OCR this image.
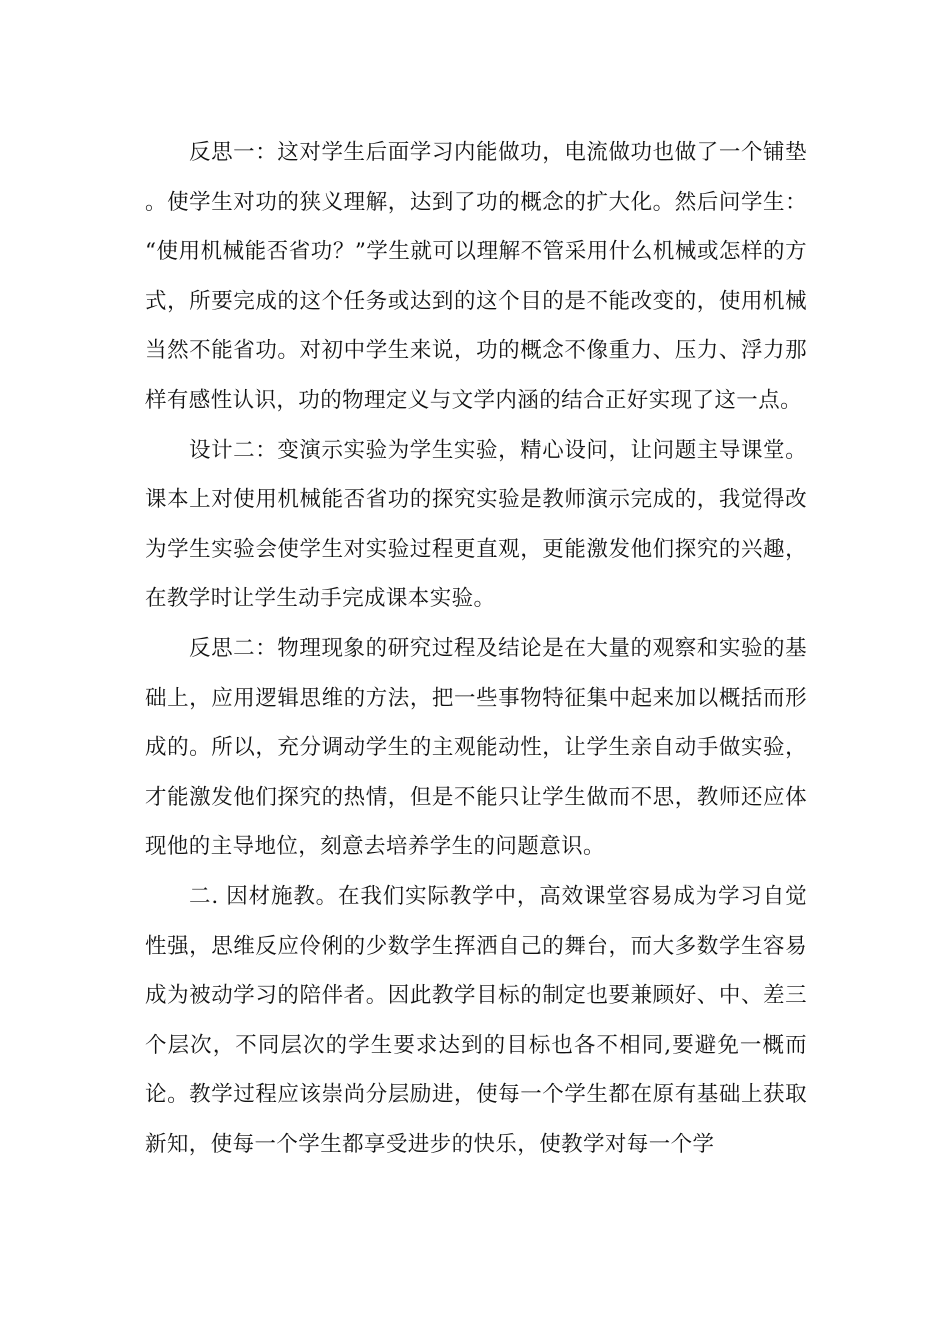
反思一：这对学生后面学习内能做功，电流做功也做了一个铺垫。使学生对功的狭义理解，达到了功的概念的扩大化。然后问学生：“使用机械能否省功？”学生就可以理解不管采用什么机械或怎样的方式，所要完成的这个任务或达到的这个目的是不能改变的，使用机械当然不能省功。对初中学生来说，功的概念不像重力、压力、浮力那样有感性认识，功的物理定义与文学内涵的结合正好实现了这一点。

设计二：变演示实验为学生实验，精心设问，让问题主导课堂。课本上对使用机械能否省功的探究实验是教师演示完成的，我觉得改为学生实验会使学生对实验过程更直观，更能激发他们探究的兴趣，在教学时让学生动手完成课本实验。

反思二：物理现象的研究过程及结论是在大量的观察和实验的基础上，应用逻辑思维的方法，把一些事物特征集中起来加以概括而形成的。所以，充分调动学生的主观能动性，让学生亲自动手做实验，才能激发他们探究的热情，但是不能只让学生做而不思，教师还应体现他的主导地位，刻意去培养学生的问题意识。

二. 因材施教。在我们实际教学中，高效课堂容易成为学习自觉性强，思维反应伶俐的少数学生挥洒自己的舞台，而大多数学生容易成为被动学习的陪伴者。因此教学目标的制定也要兼顾好、中、差三个层次，不同层次的学生要求达到的目标也各不相同,要避免一概而论。教学过程应该崇尚分层励进，使每一个学生都在原有基础上获取新知，使每一个学生都享受进步的快乐，使教学对每一个学
